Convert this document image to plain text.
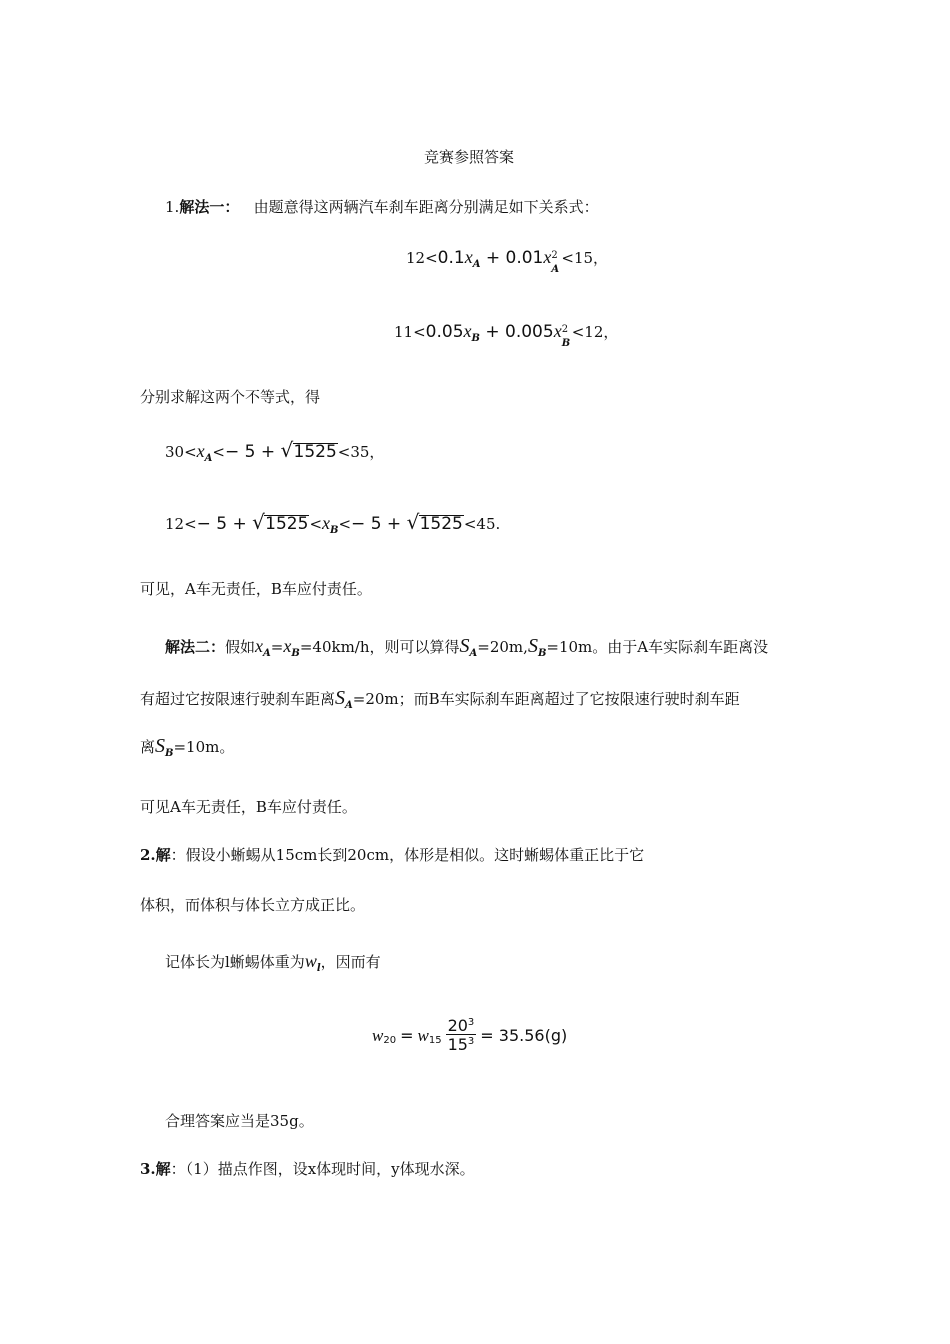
竞赛参照答案
1.解法一： 由题意得这两辆汽车刹车距离分别满足如下关系式：
$12<0.1x_A + 0.01x$ 2
A
<15，
$11<0.05x_B + 0.005x$ 2
B
<12，
分别求解这两个不等式，得
$30<x_A<- 5$ + √ 1525<35，
12<− 5 + √ $1525<x_B<- 5$ + √ 1525<45.
可见，A车无责任，B车应付责任。
解法二：假如$x_A=x_B=40km/h$，则可以算得$S_A=20m,S_B=10m$。由于A车实际刹车距离没
有超过它按限速行驶刹车距离$S_A=20m$；而B车实际刹车距离超过了它按限速行驶时刹车距
离$S_B=10m$。
可见A车无责任，B车应付责任。
2.解：假设小蜥蜴从15cm长到20cm，体形是相似。这时蜥蜴体重正比于它
体积，而体积与体长立方成正比。
记体长为l蜥蜴体重为$w_l$，因而有
w 20 = w $15 \frac{20^3}{15^3} = 35.56(g)$
合理答案应当是35g。
3.解：（1）描点作图，设x体现时间，y体现水深。
